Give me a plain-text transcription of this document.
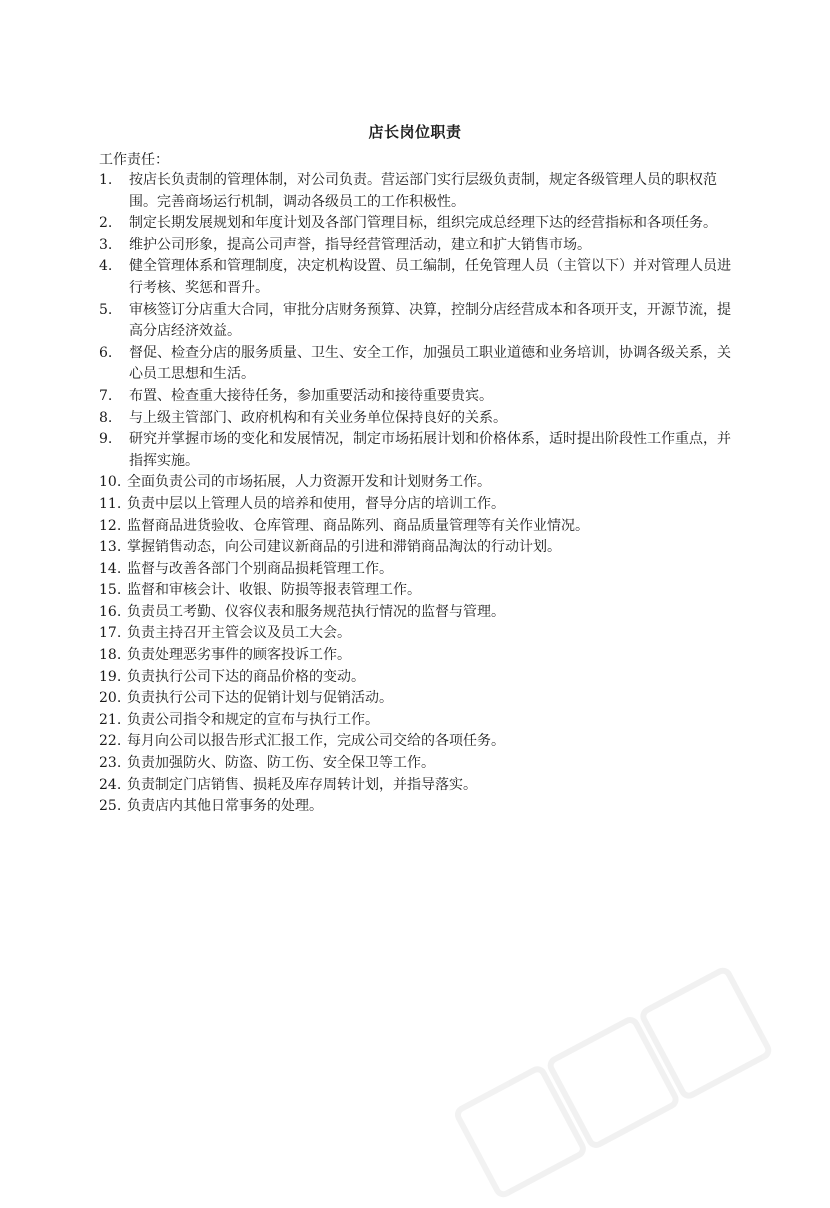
店长岗位职责
工作责任：
1.	按店长负责制的管理体制，对公司负责。营运部门实行层级负责制，规定各级管理人员的职权范围。完善商场运行机制，调动各级员工的工作积极性。
2.	制定长期发展规划和年度计划及各部门管理目标，组织完成总经理下达的经营指标和各项任务。
3.	维护公司形象，提高公司声誉，指导经营管理活动，建立和扩大销售市场。
4.	健全管理体系和管理制度，决定机构设置、员工编制，任免管理人员（主管以下）并对管理人员进行考核、奖惩和晋升。
5.	审核签订分店重大合同，审批分店财务预算、决算，控制分店经营成本和各项开支，开源节流，提高分店经济效益。
6.	督促、检查分店的服务质量、卫生、安全工作，加强员工职业道德和业务培训，协调各级关系，关心员工思想和生活。
7.	布置、检查重大接待任务，参加重要活动和接待重要贵宾。
8.	与上级主管部门、政府机构和有关业务单位保持良好的关系。
9.	研究并掌握市场的变化和发展情况，制定市场拓展计划和价格体系，适时提出阶段性工作重点，并指挥实施。
10. 全面负责公司的市场拓展，人力资源开发和计划财务工作。
11. 负责中层以上管理人员的培养和使用，督导分店的培训工作。
12. 监督商品进货验收、仓库管理、商品陈列、商品质量管理等有关作业情况。
13. 掌握销售动态，向公司建议新商品的引进和滞销商品淘汰的行动计划。
14. 监督与改善各部门个别商品损耗管理工作。
15. 监督和审核会计、收银、防损等报表管理工作。
16. 负责员工考勤、仪容仪表和服务规范执行情况的监督与管理。
17. 负责主持召开主管会议及员工大会。
18. 负责处理恶劣事件的顾客投诉工作。
19. 负责执行公司下达的商品价格的变动。
20. 负责执行公司下达的促销计划与促销活动。
21. 负责公司指令和规定的宣布与执行工作。
22. 每月向公司以报告形式汇报工作，完成公司交给的各项任务。
23. 负责加强防火、防盗、防工伤、安全保卫等工作。
24. 负责制定门店销售、损耗及库存周转计划，并指导落实。
25. 负责店内其他日常事务的处理。
